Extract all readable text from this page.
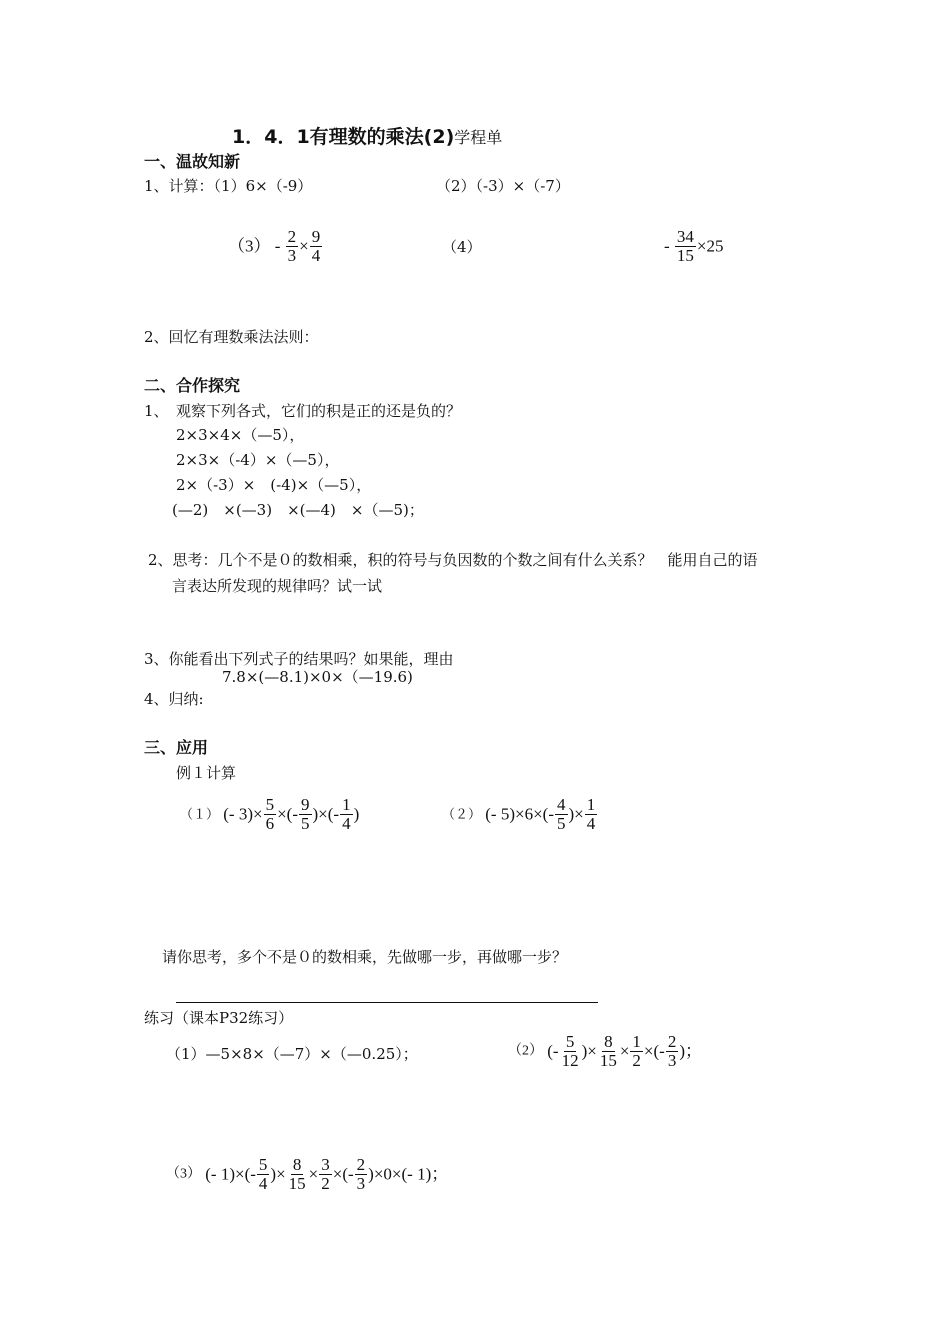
1．4．1有理数的乘法(2)学程单
一、温故知新
1、计算：（1）6×（-9）	（2）（-3）×（-7）
$(3) - \frac{2}{3} \times \frac{9}{4}$	（4）	- $\frac{34}{15} \times 25$
2、回忆有理数乘法法则：
二、合作探究
1、　观察下列各式，它们的积是正的还是负的？
2×3×4×（—5），
2×3×（-4）×（—5），
2×（-3）×　(-4)×（—5），
(—2)　×(—3)　×(—4)　×（—5)；
2、思考：几个不是０的数相乘，积的符号与负因数的个数之间有什么关系？　能用自己的语
言表达所发现的规律吗？试一试
3、你能看出下列式子的结果吗？如果能，理由
7.8×(—8.1)×0×（—19.6)
4、归纳:
三、应用
例１计算
（１） (- $3)\times \frac{5}{6}$ ×(- $\frac{9}{5}$ )×(- $\frac{1}{4}$ )	（２） (- $5)\times 6\times(- \frac{4}{5}$ )× $\frac{1}{4}$
请你思考，多个不是０的数相乘，先做哪一步，再做哪一步？
练习（课本P32练习）
（1）—5×8×（—7）×（—0.25）；	（2） (- $\frac{5}{12}$ )× $\frac{8}{15} \times \frac{1}{2}$ ×(- $\frac{2}{3}$ )；
（3） (- $1)\times(- \frac{5}{4}$ )× $\frac{8}{15} \times \frac{3}{2}$ ×(- $\frac{2}{3} )\times 0\times(-$ 1)；
